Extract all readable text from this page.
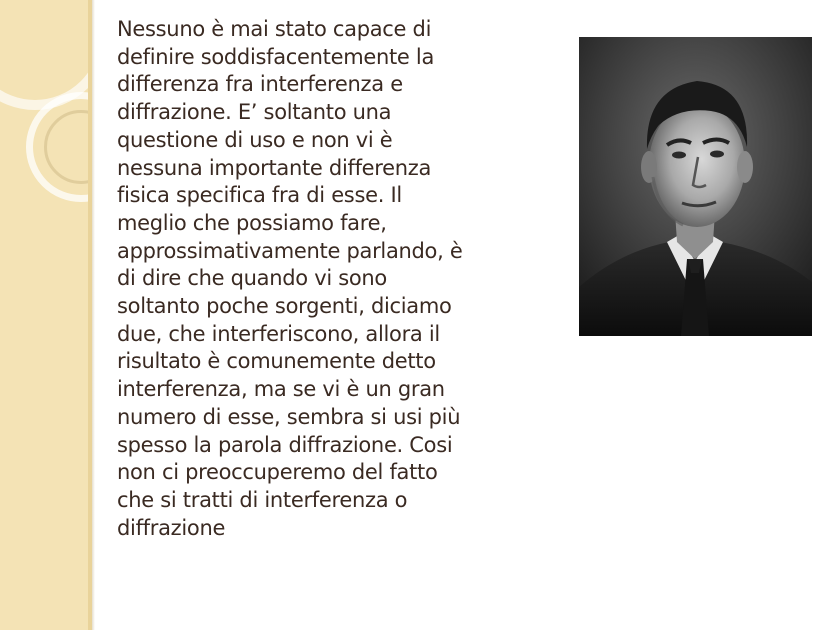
Nessuno è mai stato capace di
definire soddisfacentemente la
differenza fra interferenza e
diffrazione. E’ soltanto una
questione di uso e non vi è
nessuna importante differenza
fisica specifica fra di esse. Il
meglio che possiamo fare,
approssimativamente parlando, è
di dire che quando vi sono
soltanto poche sorgenti, diciamo
due, che interferiscono, allora il
risultato è comunemente detto
interferenza, ma se vi è un gran
numero di esse, sembra si usi più
spesso la parola diffrazione. Cosi
non ci preoccuperemo del fatto
che si tratti di interferenza o
diffrazione
